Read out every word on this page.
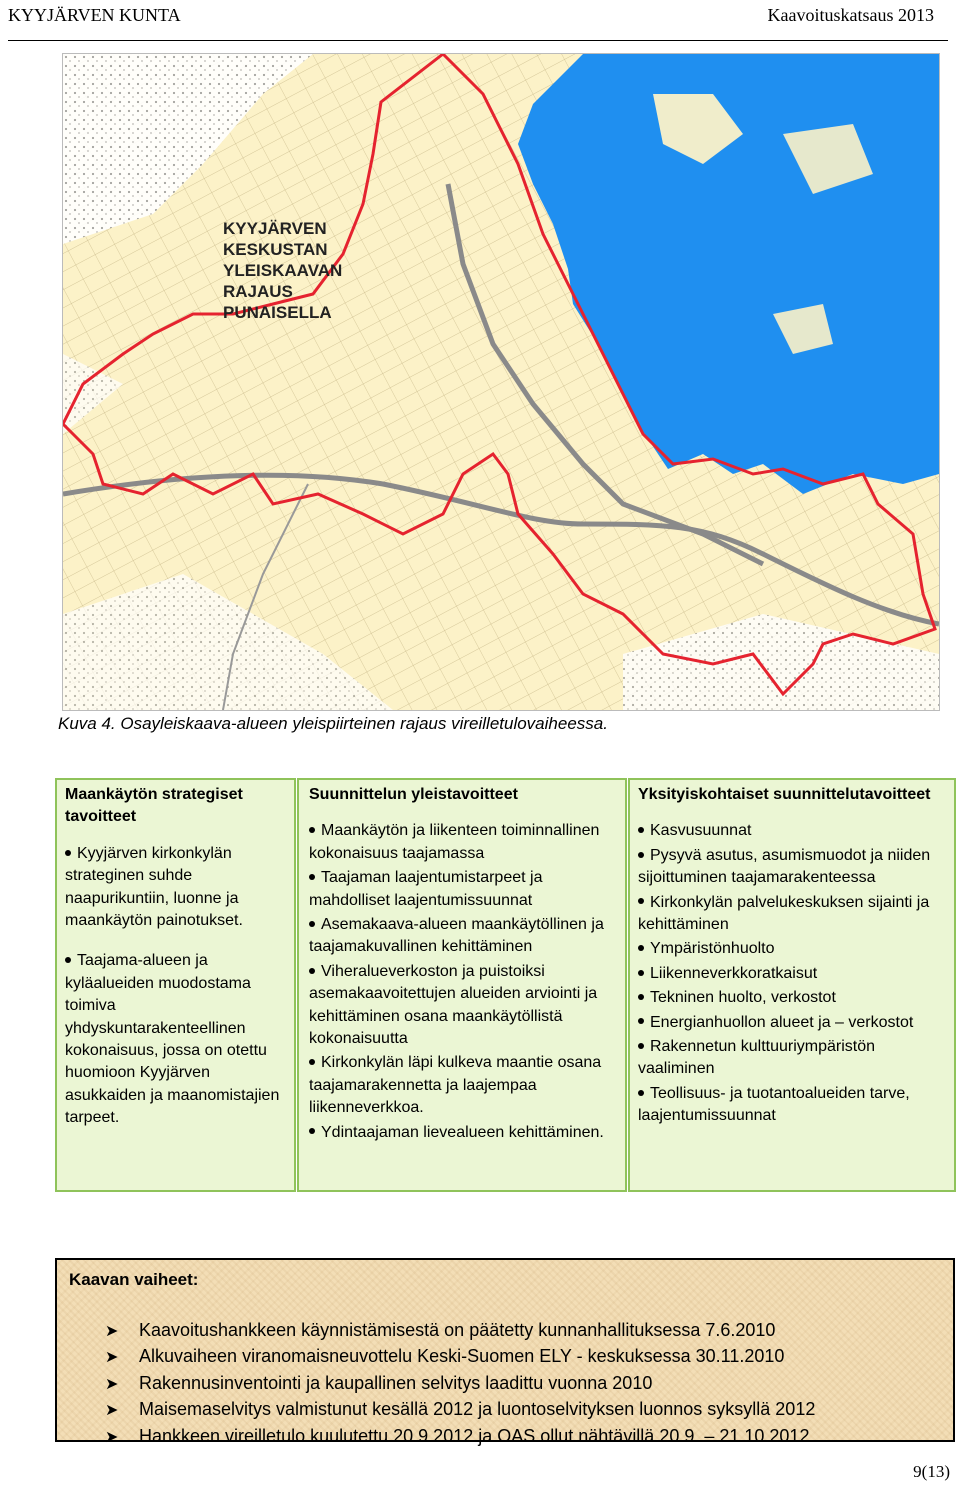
KYYJÄRVEN KUNTA	Kaavoituskatsaus 2013
KYYJÄRVEN
KESKUSTAN
YLEISKAAVAN
RAJAUS
PUNAISELLA
Kuva 4. Osayleiskaava-alueen yleispiirteinen rajaus vireilletulovaiheessa.
Maankäytön strategiset tavoitteet
Kyyjärven kirkonkylän strateginen suhde naapurikuntiin, luonne ja maankäytön painotukset.
Taajama-alueen ja kyläalueiden muodostama toimiva yhdyskuntarakenteellinen kokonaisuus, jossa on otettu huomioon Kyyjärven asukkaiden ja maanomistajien tarpeet.
Suunnittelun yleistavoitteet
Maankäytön ja liikenteen toiminnallinen kokonaisuus taajamassa
Taajaman laajentumistarpeet ja mahdolliset laajentumissuunnat
Asemakaava-alueen maankäytöllinen ja taajamakuvallinen kehittäminen
Viheralueverkoston ja puistoiksi asemakaavoitettujen alueiden arviointi ja kehittäminen osana maankäytöllistä kokonaisuutta
Kirkonkylän läpi kulkeva maantie osana taajamarakennetta ja laajempaa liikenneverkkoa.
Ydintaajaman lievealueen kehittäminen.
Yksityiskohtaiset suunnittelutavoitteet
Kasvusuunnat
Pysyvä asutus, asumismuodot ja niiden sijoittuminen taajamarakenteessa
Kirkonkylän palvelukeskuksen sijainti ja kehittäminen
Ympäristönhuolto
Liikenneverkkoratkaisut
Tekninen huolto, verkostot
Energianhuollon alueet ja – verkostot
Rakennetun kulttuuriympäristön vaaliminen
Teollisuus- ja tuotantoalueiden tarve, laajentumissuunnat
Kaavan vaiheet:
➤ Kaavoitushankkeen käynnistämisestä on päätetty kunnanhallituksessa 7.6.2010
➤ Alkuvaiheen viranomaisneuvottelu Keski-Suomen ELY - keskuksessa 30.11.2010
➤ Rakennusinventointi ja kaupallinen selvitys laadittu vuonna 2010
➤ Maisemaselvitys valmistunut kesällä 2012 ja luontoselvityksen luonnos syksyllä 2012
➤ Hankkeen vireilletulo kuulutettu 20.9.2012 ja OAS ollut nähtävillä 20.9. – 21.10.2012
9(13)
